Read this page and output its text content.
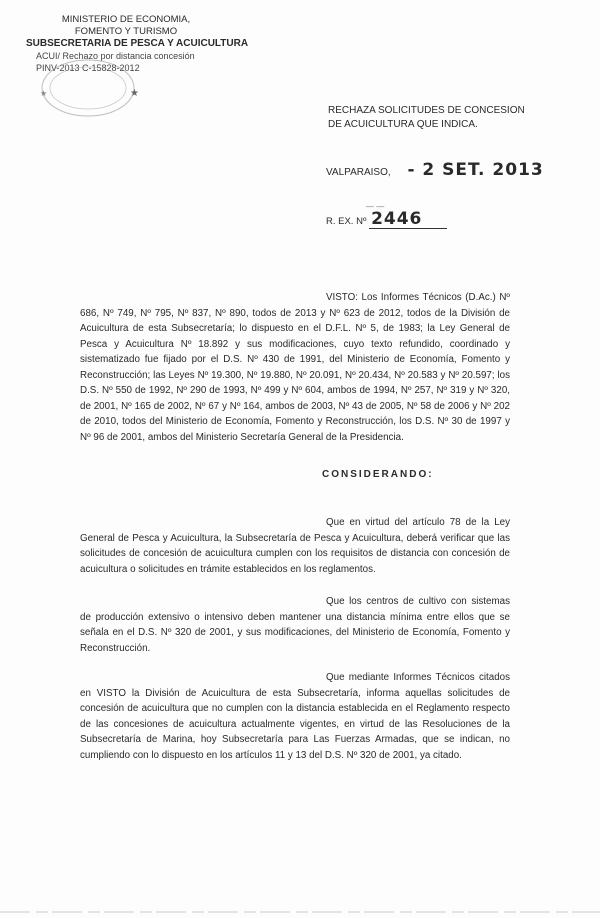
MINISTERIO DE ECONOMIA,
FOMENTO Y TURISMO
SUBSECRETARIA DE PESCA Y ACUICULTURA
ACUI/ Rechazo por distancia concesión
PINV-2013 C-15828-2012
★
★
RECHAZA SOLICITUDES DE CONCESION DE ACUICULTURA QUE INDICA.
VALPARAISO, - 2 SET. 2013
— —
R. EX. Nº 2446
VISTO: Los Informes Técnicos (D.Ac.) Nº 686, Nº 749, Nº 795, Nº 837, Nº 890, todos de 2013 y Nº 623 de 2012, todos de la División de Acuicultura de esta Subsecretaría; lo dispuesto en el D.F.L. Nº 5, de 1983; la Ley General de Pesca y Acuicultura Nº 18.892 y sus modificaciones, cuyo texto refundido, coordinado y sistematizado fue fijado por el D.S. Nº 430 de 1991, del Ministerio de Economía, Fomento y Reconstrucción; las Leyes Nº 19.300, Nº 19.880, Nº 20.091, Nº 20.434, Nº 20.583 y Nº 20.597; los D.S. Nº 550 de 1992, Nº 290 de 1993, Nº 499 y Nº 604, ambos de 1994, Nº 257, Nº 319 y Nº 320, de 2001, Nº 165 de 2002, Nº 67 y Nº 164, ambos de 2003, Nº 43 de 2005, Nº 58 de 2006 y Nº 202 de 2010, todos del Ministerio de Economía, Fomento y Reconstrucción, los D.S. Nº 30 de 1997 y Nº 96 de 2001, ambos del Ministerio Secretaría General de la Presidencia.
CONSIDERANDO:
Que en virtud del artículo 78 de la Ley General de Pesca y Acuicultura, la Subsecretaría de Pesca y Acuicultura, deberá verificar que las solicitudes de concesión de acuicultura cumplen con los requisitos de distancia con concesión de acuicultura o solicitudes en trámite establecidos en los reglamentos.
Que los centros de cultivo con sistemas de producción extensivo o intensivo deben mantener una distancia mínima entre ellos que se señala en el D.S. Nº 320 de 2001, y sus modificaciones, del Ministerio de Economía, Fomento y Reconstrucción.
Que mediante Informes Técnicos citados en VISTO la División de Acuicultura de esta Subsecretaría, informa aquellas solicitudes de concesión de acuicultura que no cumplen con la distancia establecida en el Reglamento respecto de las concesiones de acuicultura actualmente vigentes, en virtud de las Resoluciones de la Subsecretaría de Marina, hoy Subsecretaría para Las Fuerzas Armadas, que se indican, no cumpliendo con lo dispuesto en los artículos 11 y 13 del D.S. Nº 320 de 2001, ya citado.
